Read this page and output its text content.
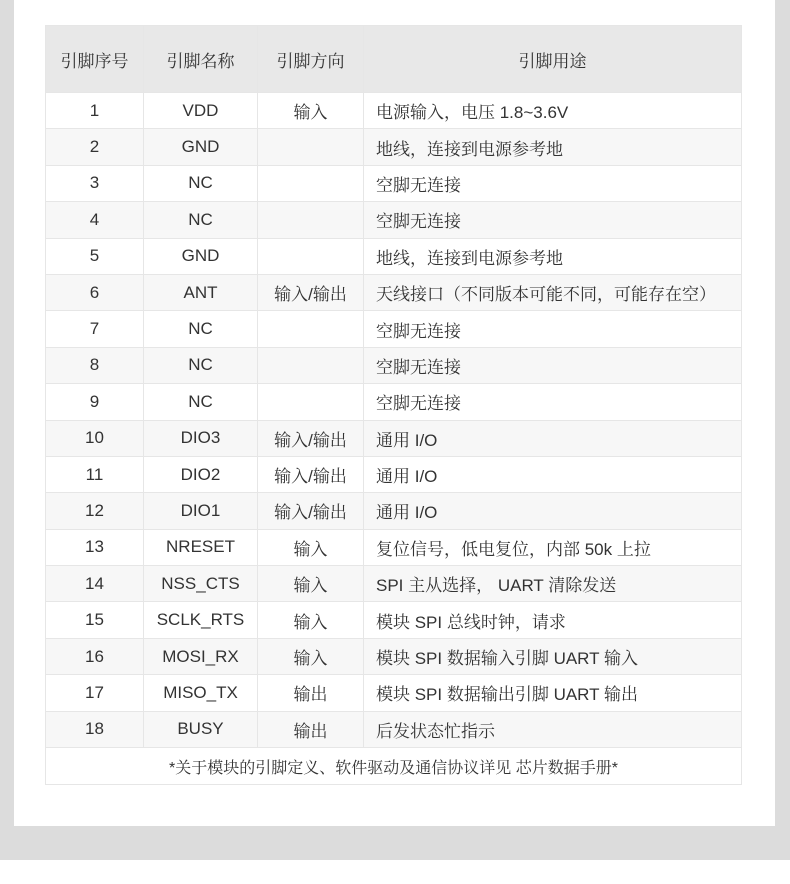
引脚序号	引脚名称	引脚方向	引脚用途
1	VDD	输入	电源输入，电压 1.8~3.6V
2	GND		地线，连接到电源参考地
3	NC		空脚无连接
4	NC		空脚无连接
5	GND		地线，连接到电源参考地
6	ANT	输入/输出	天线接口（不同版本可能不同，可能存在空）
7	NC		空脚无连接
8	NC		空脚无连接
9	NC		空脚无连接
10	DIO3	输入/输出	通用 I/O
11	DIO2	输入/输出	通用 I/O
12	DIO1	输入/输出	通用 I/O
13	NRESET	输入	复位信号，低电复位，内部 50k 上拉
14	NSS_CTS	输入	SPI 主从选择， UART 清除发送
15	SCLK_RTS	输入	模块 SPI 总线时钟，请求
16	MOSI_RX	输入	模块 SPI 数据输入引脚 UART 输入
17	MISO_TX	输出	模块 SPI 数据输出引脚 UART 输出
18	BUSY	输出	后发状态忙指示
*关于模块的引脚定义、软件驱动及通信协议详见 芯片数据手册*			
